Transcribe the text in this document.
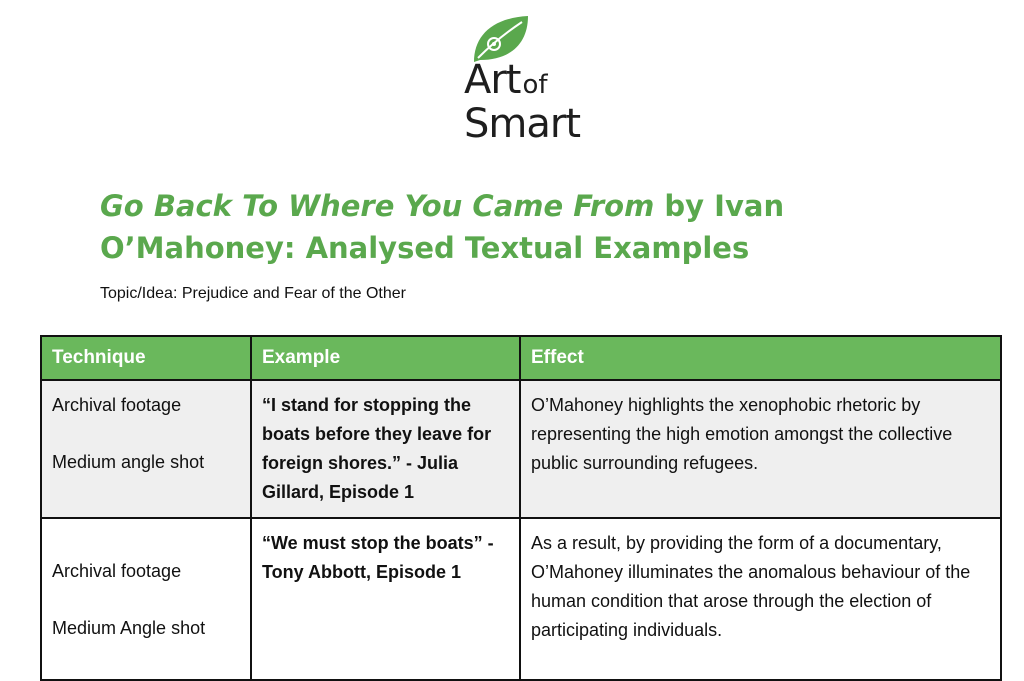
Artof
Smart
Go Back To Where You Came From by Ivan O’Mahoney: Analysed Textual Examples
Topic/Idea: Prejudice and Fear of the Other
Technique	Example	Effect

Archival footage
Medium angle shot	“I stand for stopping the boats before they leave for foreign shores.” - Julia Gillard, Episode 1	O’Mahoney highlights the xenophobic rhetoric by representing the high emotion amongst the collective public surrounding refugees.

Archival footage
Medium Angle shot	“We must stop the boats” - Tony Abbott, Episode 1	As a result, by providing the form of a documentary, O’Mahoney illuminates the anomalous behaviour of the human condition that arose through the election of participating individuals.
